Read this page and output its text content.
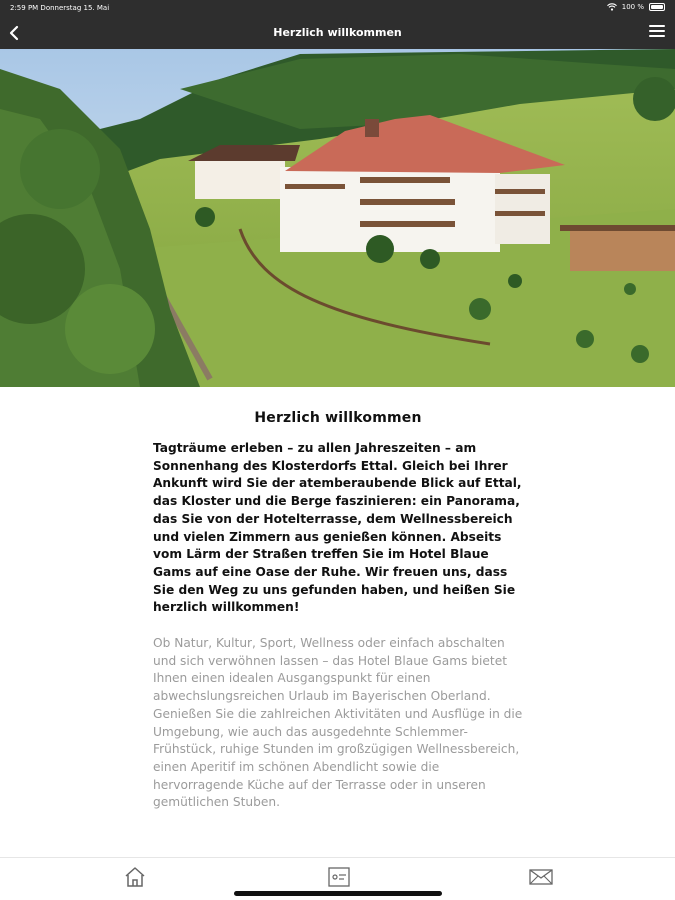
2:59 PM Donnerstag 15. Mai	100 %
Herzlich willkommen
Herzlich willkommen

Tagträume erleben – zu allen Jahreszeiten – am Sonnenhang des Klosterdorfs Ettal. Gleich bei Ihrer Ankunft wird Sie der atemberaubende Blick auf Ettal, das Kloster und die Berge faszinieren: ein Panorama, das Sie von der Hotelterrasse, dem Wellnessbereich und vielen Zimmern aus genießen können. Abseits vom Lärm der Straßen treffen Sie im Hotel Blaue Gams auf eine Oase der Ruhe. Wir freuen uns, dass Sie den Weg zu uns gefunden haben, und heißen Sie herzlich willkommen!

Ob Natur, Kultur, Sport, Wellness oder einfach abschalten und sich verwöhnen lassen – das Hotel Blaue Gams bietet Ihnen einen idealen Ausgangspunkt für einen abwechslungsreichen Urlaub im Bayerischen Oberland. Genießen Sie die zahlreichen Aktivitäten und Ausflüge in die Umgebung, wie auch das ausgedehnte Schlemmer-Frühstück, ruhige Stunden im großzügigen Wellnessbereich, einen Aperitif im schönen Abendlicht sowie die hervorragende Küche auf der Terrasse oder in unseren gemütlichen Stuben.
